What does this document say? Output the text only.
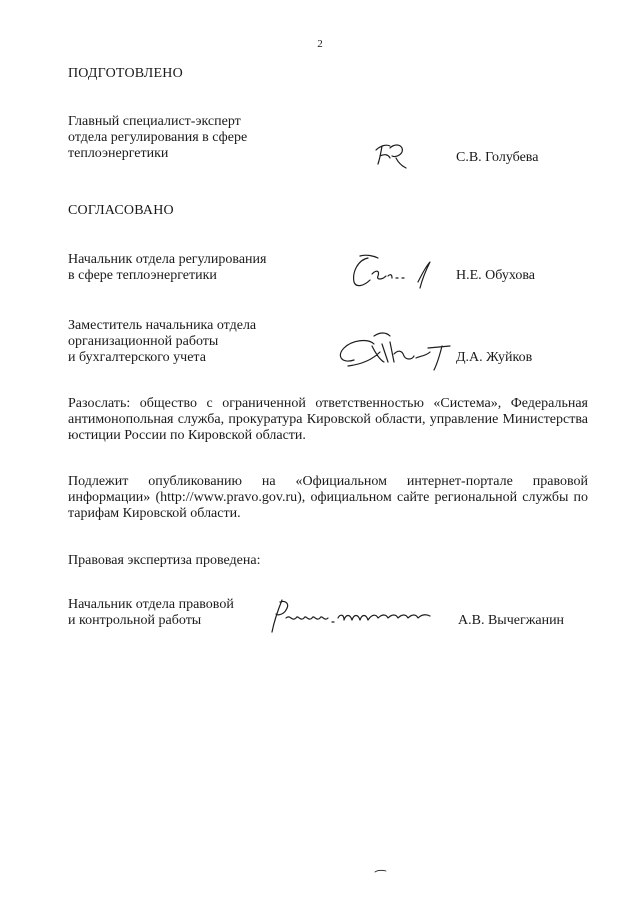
2
ПОДГОТОВЛЕНО
Главный специалист-эксперт
отдела регулирования в сфере
теплоэнергетики	С.В. Голубева
СОГЛАСОВАНО
Начальник отдела регулирования
в сфере теплоэнергетики	Н.Е. Обухова
Заместитель начальника отдела
организационной работы
и бухгалтерского учета	Д.А. Жуйков

Разослать: общество с ограниченной ответственностью «Система», Федеральная антимонопольная служба, прокуратура Кировской области, управление Министерства юстиции России по Кировской области.

Подлежит опубликованию на «Официальном интернет-портале правовой информации» (http://www.pravo.gov.ru), официальном сайте региональной службы по тарифам Кировской области.

Правовая экспертиза проведена:
Начальник отдела правовой
и контрольной работы	А.В. Вычегжанин
